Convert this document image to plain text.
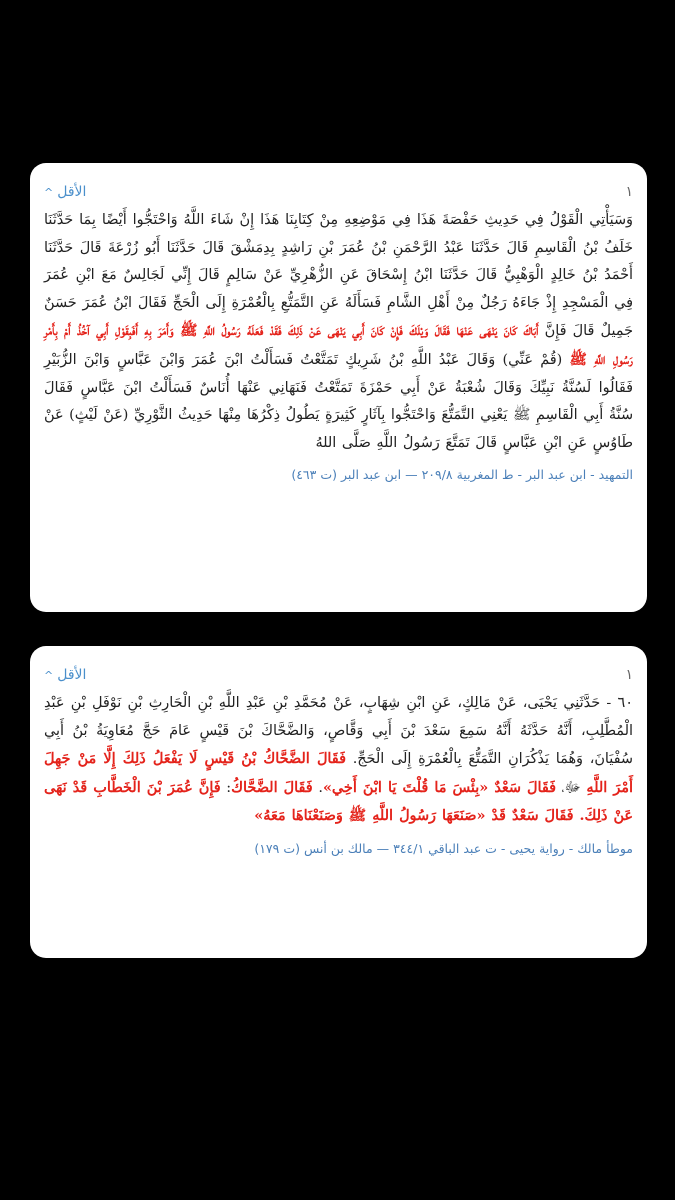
١
^ الأقل
وَسَيَأْتِي الْقَوْلُ فِي حَدِيثِ حَفْصَةَ هَذَا فِي مَوْضِعِهِ مِنْ كِتَابِنَا هَذَا إِنْ شَاءَ اللَّهُ وَاحْتَجُّوا أَيْضًا بِمَا حَدَّثَنَا خَلَفُ بْنُ الْقَاسِمِ قَالَ حَدَّثَنَا عَبْدُ الرَّحْمَنِ بْنُ عُمَرَ بْنِ رَاشِدٍ بِدِمَشْقَ قَالَ حَدَّثَنَا أَبُو زُرْعَةَ قَالَ حَدَّثَنَا أَحْمَدُ بْنُ خَالِدٍ الْوَهْبِيُّ قَالَ حَدَّثَنَا ابْنُ إِسْحَاقَ عَنِ الزُّهْرِيِّ عَنْ سَالِمٍ قَالَ إِنِّي لَجَالِسٌ مَعَ ابْنِ عُمَرَ فِي الْمَسْجِدِ إِذْ جَاءَهُ رَجُلٌ مِنْ أَهْلِ الشَّامِ فَسَأَلَهُ عَنِ التَّمَتُّعِ بِالْعُمْرَةِ إِلَى الْحَجِّ فَقَالَ ابْنُ عُمَرَ حَسَنٌ جَمِيلٌ قَالَ فَإِنَّ أَبَاكَ كَانَ يَنْهَى عَنْهَا فَقَالَ وَيْلَكَ فَإِنْ كَانَ أَبِي يَنْهَى عَنْ ذَلِكَ فَقَدْ فَعَلَهُ رَسُولُ اللَّهِ ﷺ وَأَمَرَ بِهِ أَفَبِقَوْلِ أَبِي آخُذُ أَمْ بِأَمْرِ رَسُولِ اللَّهِ ﷺ (قُمْ عَنِّي) وَقَالَ عَبْدُ اللَّهِ بْنُ شَرِيكٍ تَمَتَّعْتُ فَسَأَلْتُ ابْنَ عُمَرَ وَابْنَ عَبَّاسٍ وَابْنَ الزُّبَيْرِ فَقَالُوا لَسُنَّةُ نَبِيِّكَ وَقَالَ شُعْبَةُ عَنْ أَبِي حَمْزَةَ تَمَتَّعْتُ فَنَهَانِي عَنْهَا أُنَاسٌ فَسَأَلْتُ ابْنَ عَبَّاسٍ فَقَالَ سُنَّةُ أَبِي الْقَاسِمِ ﷺ يَعْنِي التَّمَتُّعَ وَاحْتَجُّوا بِآثَارٍ كَثِيرَةٍ يَطُولُ ذِكْرُهَا مِنْهَا حَدِيثُ الثَّوْرِيِّ (عَنْ لَيْثٍ) عَنْ طَاوُسٍ عَنِ ابْنِ عَبَّاسٍ قَالَ تَمَتَّعَ رَسُولُ اللَّهِ صَلَّى اللهُ
التمهيد - ابن عبد البر - ط المغربية ٢٠٩/٨ — ابن عبد البر (ت ٤٦٣)
١
^ الأقل
٦٠ - حَدَّثَنِي يَحْيَى، عَنْ مَالِكٍ، عَنِ ابْنِ شِهَابٍ، عَنْ مُحَمَّدِ بْنِ عَبْدِ اللَّهِ بْنِ الْحَارِثِ بْنِ نَوْفَلِ بْنِ عَبْدِ الْمُطَّلِبِ، أَنَّهُ حَدَّثَهُ أَنَّهُ سَمِعَ سَعْدَ بْنَ أَبِي وَقَّاصٍ، وَالضَّحَّاكَ بْنَ قَيْسٍ عَامَ حَجَّ مُعَاوِيَةُ بْنُ أَبِي سُفْيَانَ، وَهُمَا يَذْكُرَانِ التَّمَتُّعَ بِالْعُمْرَةِ إِلَى الْحَجِّ. فَقَالَ الضَّحَّاكُ بْنُ قَيْسٍ لَا يَفْعَلُ ذَلِكَ إِلَّا مَنْ جَهِلَ أَمْرَ اللَّهِ ﷻ، فَقَالَ سَعْدٌ «بِئْسَ مَا قُلْتَ يَا ابْنَ أَخِي». فَقَالَ الضَّحَّاكُ: فَإِنَّ عُمَرَ بْنَ الْخَطَّابِ قَدْ نَهَى عَنْ ذَلِكَ. فَقَالَ سَعْدٌ قَدْ «صَنَعَهَا رَسُولُ اللَّهِ ﷺ وَصَنَعْنَاهَا مَعَهُ»
موطأ مالك - رواية يحيى - ت عبد الباقي ٣٤٤/١ — مالك بن أنس (ت ١٧٩)
